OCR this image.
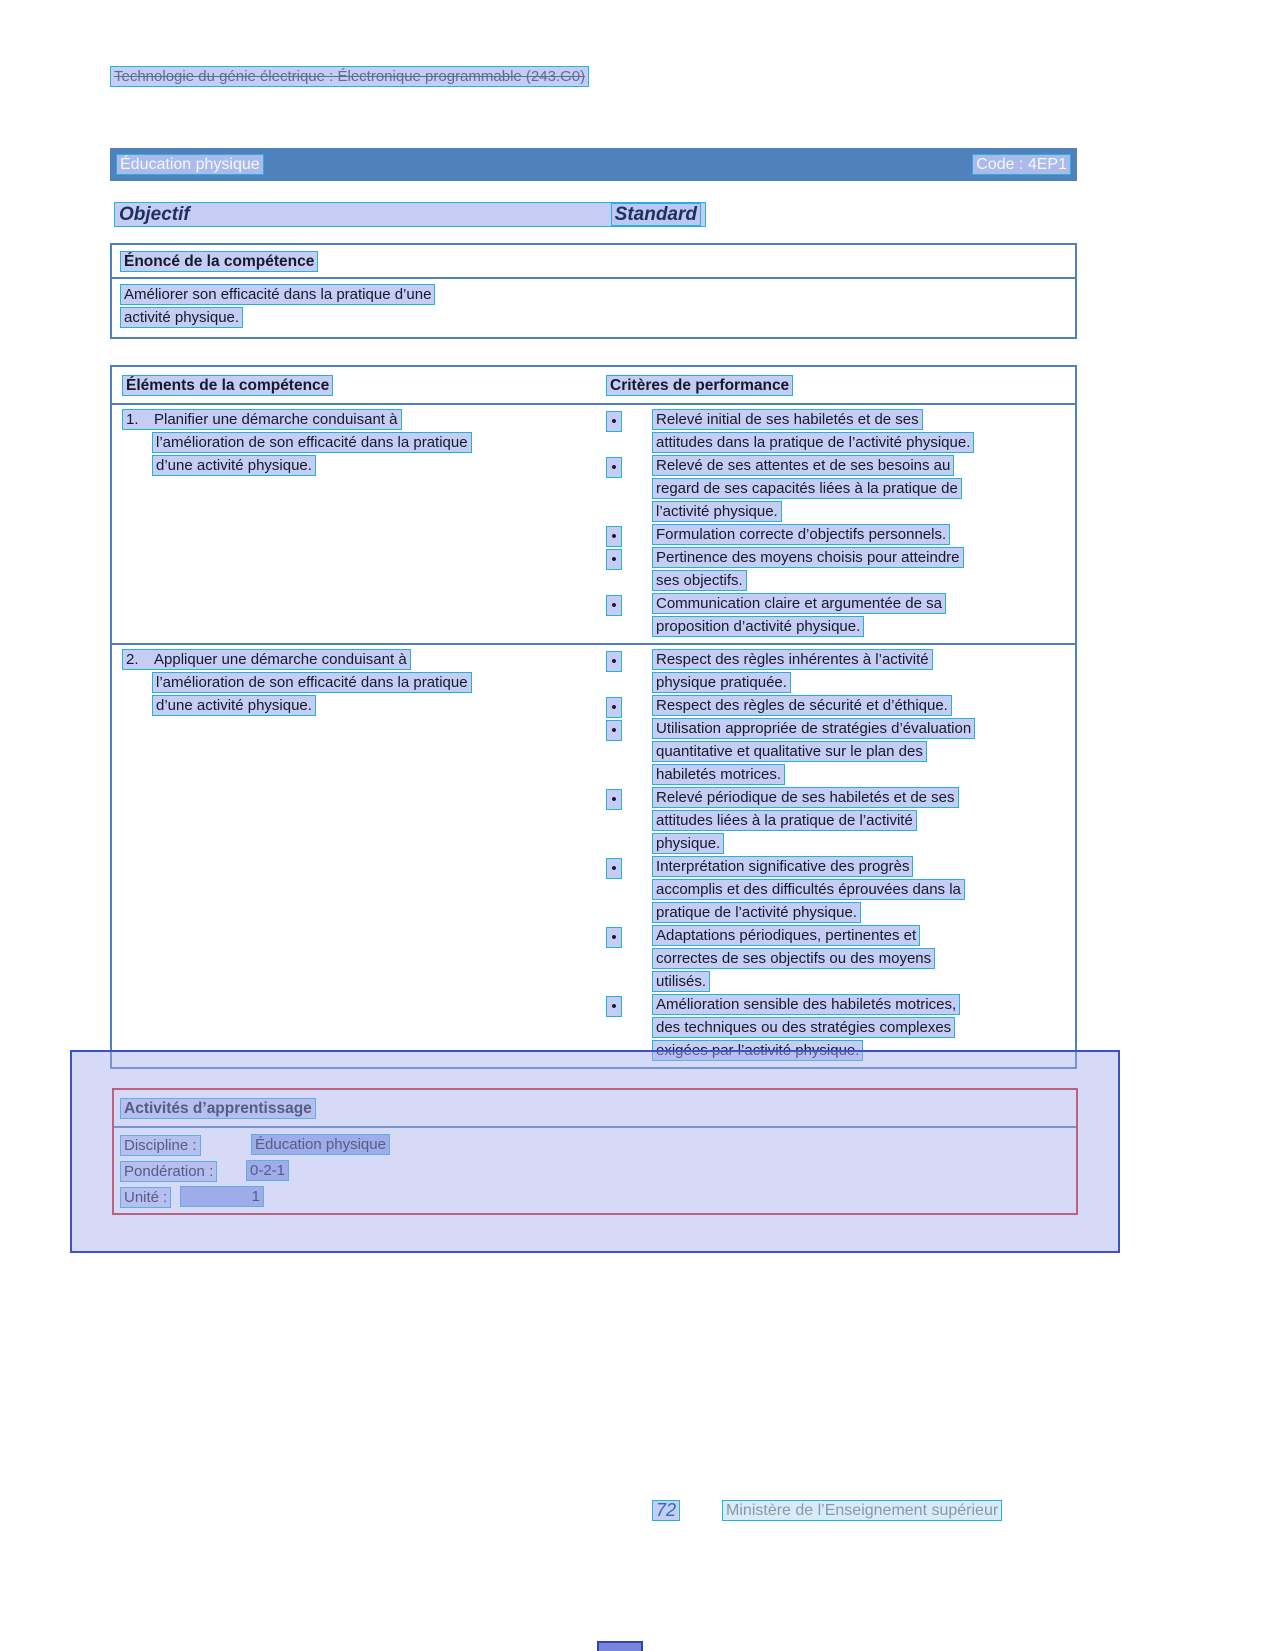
Technologie du génie électrique : Électronique programmable (243.G0)
Éducation physique	Code : 4EP1
Objectif	Standard
Énoncé de la compétence
Améliorer son efficacité dans la pratique d’une
activité physique.
Éléments de la compétence	Critères de performance
1. Planifier une démarche conduisant à
l’amélioration de son efficacité dans la pratique
d’une activité physique.
•	Relevé initial de ses habiletés et de ses
attitudes dans la pratique de l’activité physique.
•	Relevé de ses attentes et de ses besoins au
regard de ses capacités liées à la pratique de
l’activité physique.
•	Formulation correcte d’objectifs personnels.
•	Pertinence des moyens choisis pour atteindre
ses objectifs.
•	Communication claire et argumentée de sa
proposition d’activité physique.
2. Appliquer une démarche conduisant à
l’amélioration de son efficacité dans la pratique
d’une activité physique.
•	Respect des règles inhérentes à l’activité
physique pratiquée.
•	Respect des règles de sécurité et d’éthique.
•	Utilisation appropriée de stratégies d’évaluation
quantitative et qualitative sur le plan des
habiletés motrices.
•	Relevé périodique de ses habiletés et de ses
attitudes liées à la pratique de l’activité
physique.
•	Interprétation significative des progrès
accomplis et des difficultés éprouvées dans la
pratique de l’activité physique.
•	Adaptations périodiques, pertinentes et
correctes de ses objectifs ou des moyens
utilisés.
•	Amélioration sensible des habiletés motrices,
des techniques ou des stratégies complexes
exigées par l’activité physique.
Activités d’apprentissage
Discipline :	Éducation physique
Pondération : 0-2-1
Unité :	1
72	Ministère de l’Enseignement supérieur
